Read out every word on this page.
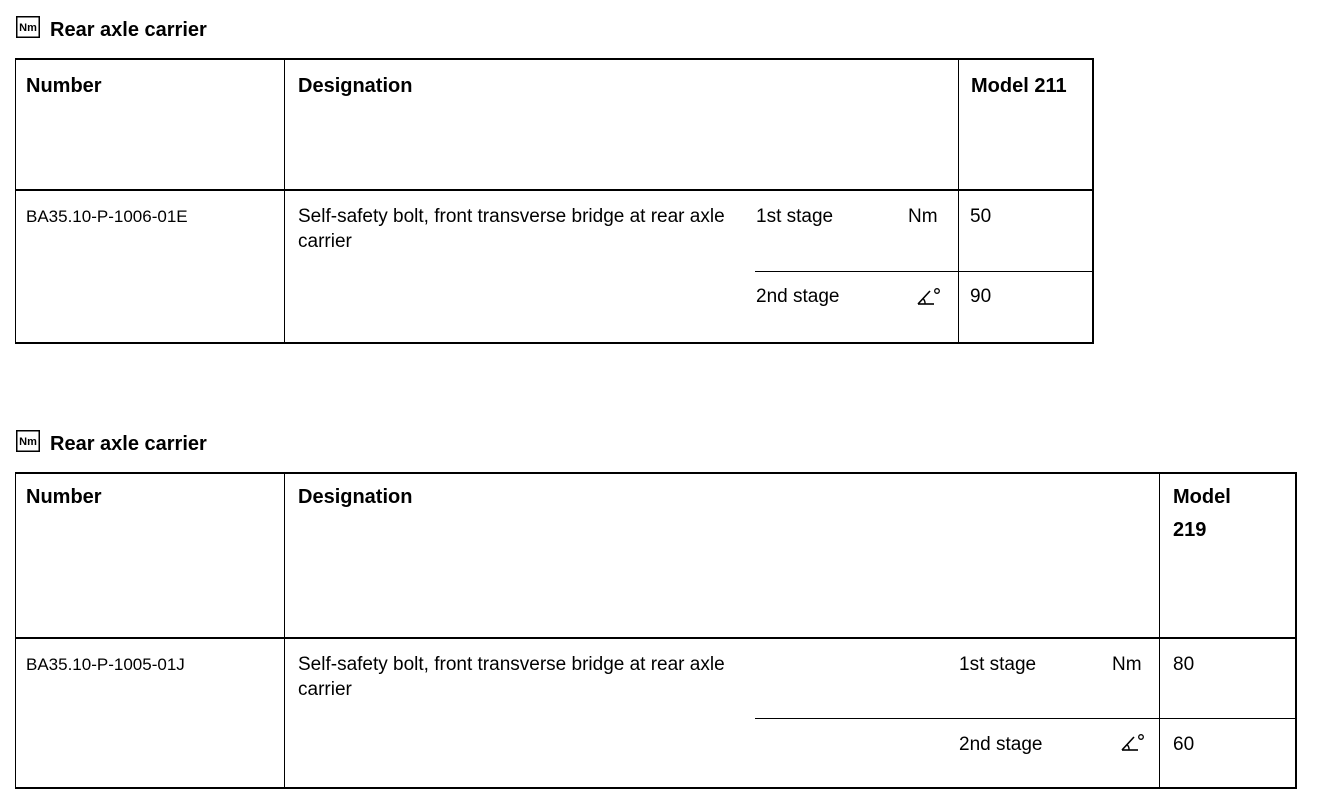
Nm Rear axle carrier
Number	Designation	Model 211
BA35.10-P-1006-01E	Self-safety bolt, front transverse bridge at rear axle carrier
1st stage	Nm 50
2nd stage	90
Nm Rear axle carrier
Number	Designation	Model
219
BA35.10-P-1005-01J	Self-safety bolt, front transverse bridge at rear axle carrier
1st stage	Nm 80
2nd stage	60
